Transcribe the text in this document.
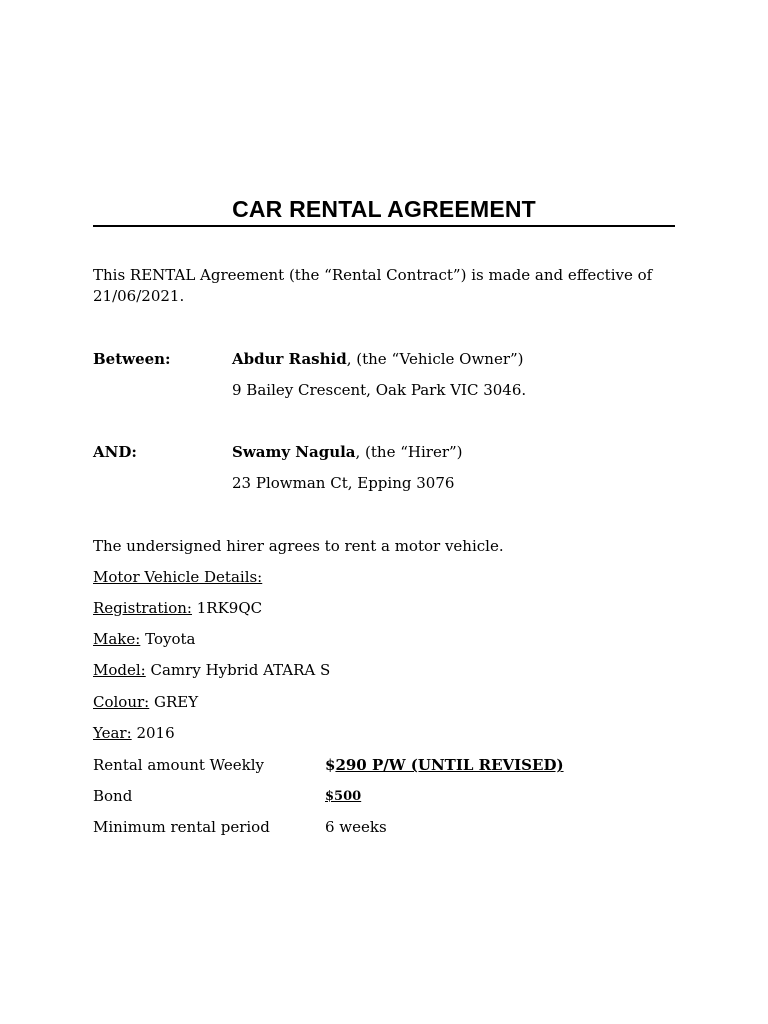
CAR RENTAL AGREEMENT
This RENTAL Agreement (the “Rental Contract”) is made and effective of 21/06/2021.
Between:	Abdur Rashid, (the “Vehicle Owner”)
9 Bailey Crescent, Oak Park VIC 3046.
AND:	Swamy Nagula, (the “Hirer”)
23 Plowman Ct, Epping 3076
The undersigned hirer agrees to rent a motor vehicle.
Motor Vehicle Details:
Registration: 1RK9QC
Make: Toyota
Model: Camry Hybrid ATARA S
Colour: GREY
Year: 2016
Rental amount Weekly	$290 P/W (UNTIL REVISED)
Bond	$500
Minimum rental period	6 weeks
